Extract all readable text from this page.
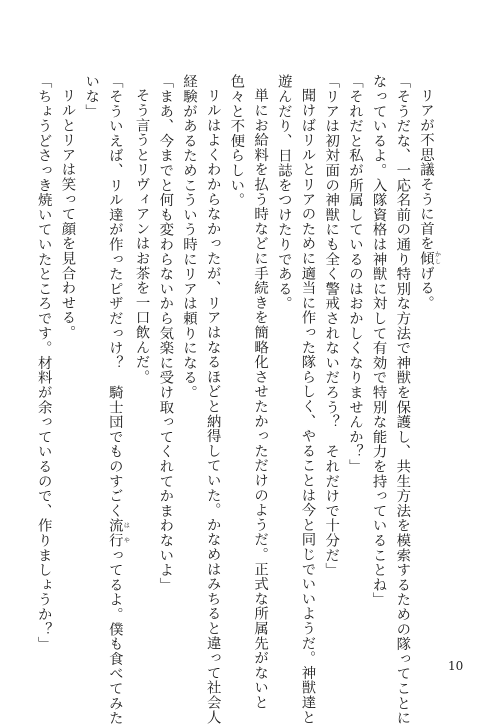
リアが不思議そうに首を傾 かしげる。
「そうだな、一応名前の通り特別な方法で神獣を保護し、共生方法を模索するための隊ってことに
なっているよ。入隊資格は神獣に対して有効で特別な能力を持っていることね」
「それだと私が所属しているのはおかしくなりませんか？」
「リアは初対面の神獣にも全く警戒されないだろう？　それだけで十分だ」
聞けばリルとリアのために適当に作った隊らしく、やることは今と同じでいいようだ。神獣達と
遊んだり、日誌をつけたりである。
単にお給料を払う時などに手続きを簡略化させたかっただけのようだ。正式な所属先がないと
色々と不便らしい。
リルはよくわからなかったが、リアはなるほどと納得していた。かなめはみちると違って社会人
経験があるためこういう時にリアは頼りになる。
「まあ、今までと何も変わらないから気楽に受け取ってくれてかまわないよ」
そう言うとリヴィアンはお茶を一口飲んだ。
「そういえば、リル達が作ったピザだっけ？　騎士団でものすごく流行 はやってるよ。僕も食べてみた
いな」
リルとリアは笑って顔を見合わせる。
「ちょうどさっき焼いていたところです。材料が余っているので、作りましょうか？」
10
